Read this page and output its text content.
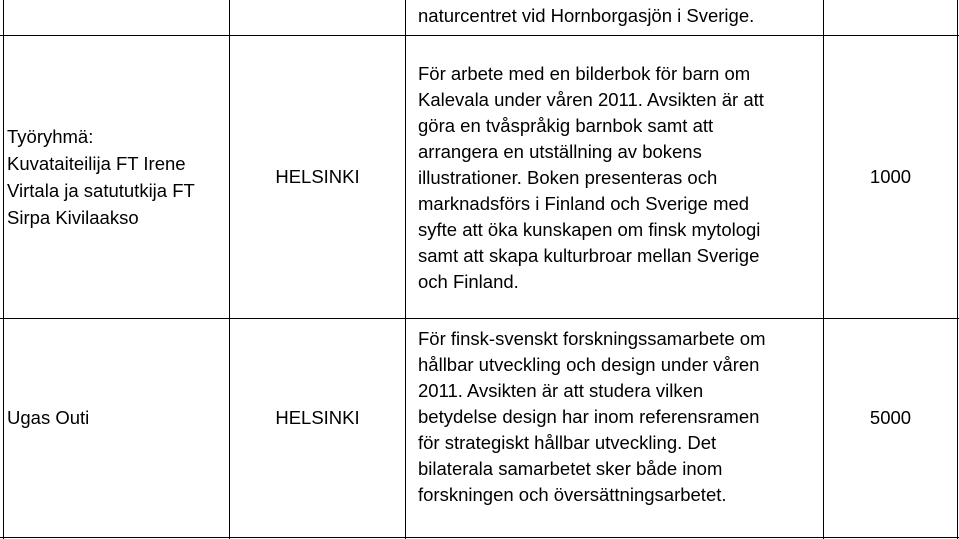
naturcentret vid Hornborgasjön i Sverige.
Työryhmä:
Kuvataiteilija FT Irene
Virtala ja satututkija FT
Sirpa Kivilaakso
HELSINKI
För arbete med en bilderbok för barn om
Kalevala under våren 2011. Avsikten är att
göra en tvåspråkig barnbok samt att
arrangera en utställning av bokens
illustrationer. Boken presenteras och
marknadsförs i Finland och Sverige med
syfte att öka kunskapen om finsk mytologi
samt att skapa kulturbroar mellan Sverige
och Finland.
1000
Ugas Outi	HELSINKI
För finsk-svenskt forskningssamarbete om
hållbar utveckling och design under våren
2011. Avsikten är att studera vilken
betydelse design har inom referensramen
för strategiskt hållbar utveckling. Det
bilaterala samarbetet sker både inom
forskningen och översättningsarbetet.
5000
